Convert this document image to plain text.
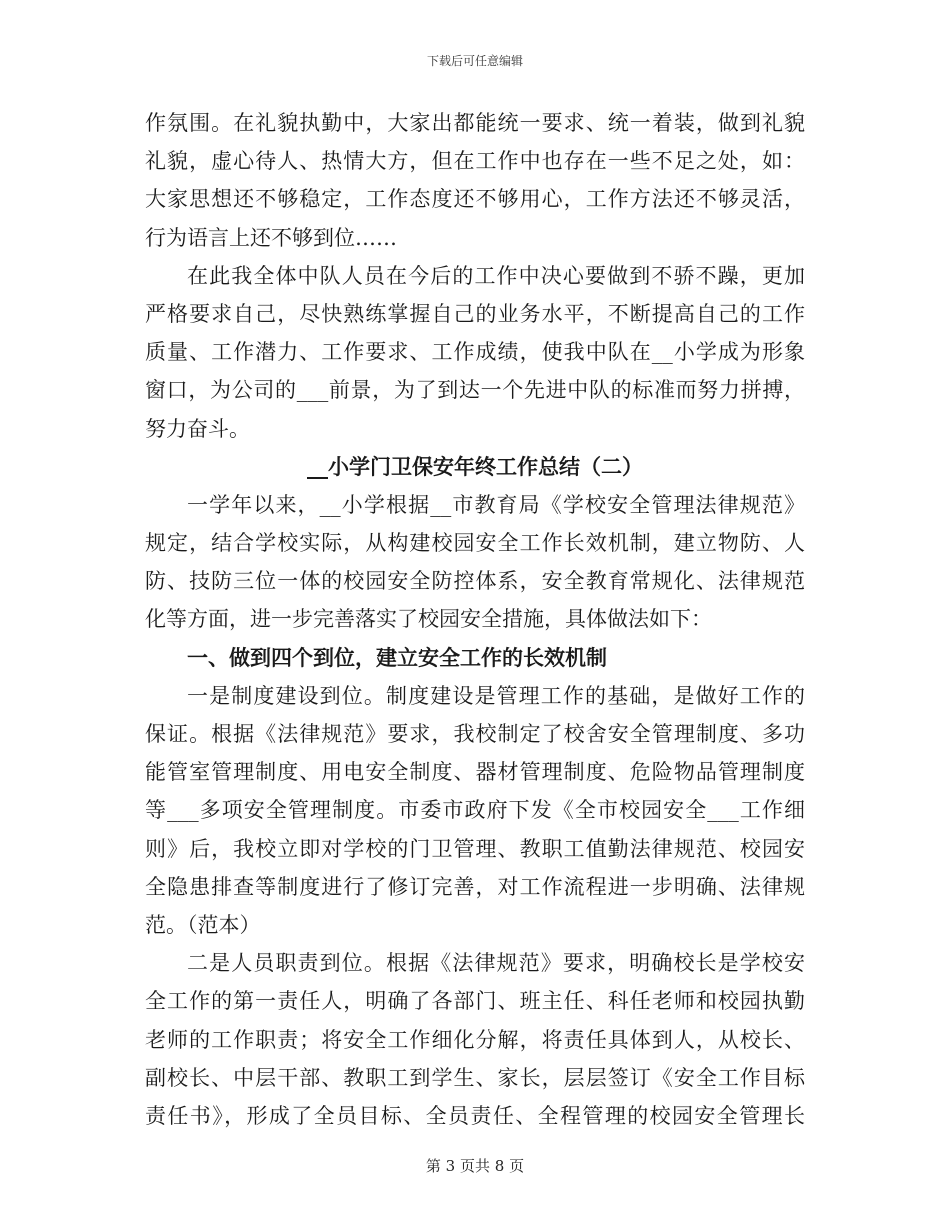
下载后可任意编辑
作氛围。在礼貌执勤中，大家出都能统一要求、统一着装，做到礼貌
礼貌，虚心待人、热情大方，但在工作中也存在一些不足之处，如：
大家思想还不够稳定，工作态度还不够用心，工作方法还不够灵活，
行为语言上还不够到位……
在此我全体中队人员在今后的工作中决心要做到不骄不躁，更加
严格要求自己，尽快熟练掌握自己的业务水平，不断提高自己的工作
质量、工作潜力、工作要求、工作成绩，使我中队在__小学成为形象
窗口，为公司的___前景，为了到达一个先进中队的标准而努力拼搏，
努力奋斗。
__小学门卫保安年终工作总结（二）
一学年以来，__小学根据__市教育局《学校安全管理法律规范》
规定，结合学校实际，从构建校园安全工作长效机制，建立物防、人
防、技防三位一体的校园安全防控体系，安全教育常规化、法律规范
化等方面，进一步完善落实了校园安全措施，具体做法如下：
一、做到四个到位，建立安全工作的长效机制
一是制度建设到位。制度建设是管理工作的基础，是做好工作的
保证。根据《法律规范》要求，我校制定了校舍安全管理制度、多功
能管室管理制度、用电安全制度、器材管理制度、危险物品管理制度
等___多项安全管理制度。市委市政府下发《全市校园安全___工作细
则》后，我校立即对学校的门卫管理、教职工值勤法律规范、校园安
全隐患排查等制度进行了修订完善，对工作流程进一步明确、法律规
范。（范本）
二是人员职责到位。根据《法律规范》要求，明确校长是学校安
全工作的第一责任人，明确了各部门、班主任、科任老师和校园执勤
老师的工作职责；将安全工作细化分解，将责任具体到人，从校长、
副校长、中层干部、教职工到学生、家长，层层签订《安全工作目标
责任书》，形成了全员目标、全员责任、全程管理的校园安全管理长
第 3 页共 8 页
